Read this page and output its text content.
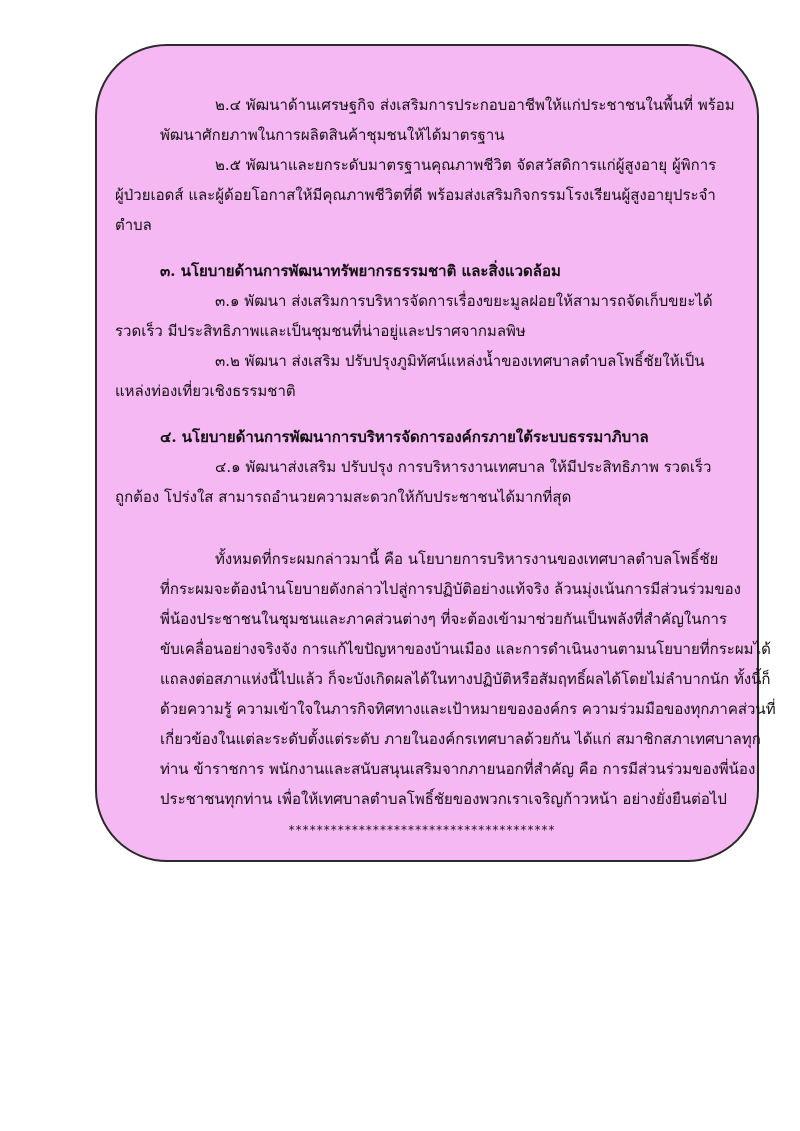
๒.๔ พัฒนาด้านเศรษฐกิจ ส่งเสริมการประกอบอาชีพให้แก่ประชาชนในพื้นที่ พร้อม
พัฒนาศักยภาพในการผลิตสินค้าชุมชนให้ได้มาตรฐาน
๒.๕ พัฒนาและยกระดับมาตรฐานคุณภาพชีวิต จัดสวัสดิการแก่ผู้สูงอายุ ผู้พิการ
ผู้ป่วยเอดส์ และผู้ด้อยโอกาสให้มีคุณภาพชีวิตที่ดี พร้อมส่งเสริมกิจกรรมโรงเรียนผู้สูงอายุประจำ
ตำบล
๓. นโยบายด้านการพัฒนาทรัพยากรธรรมชาติ และสิ่งแวดล้อม
๓.๑ พัฒนา ส่งเสริมการบริหารจัดการเรื่องขยะมูลฝอยให้สามารถจัดเก็บขยะได้
รวดเร็ว มีประสิทธิภาพและเป็นชุมชนที่น่าอยู่และปราศจากมลพิษ
๓.๒ พัฒนา ส่งเสริม ปรับปรุงภูมิทัศน์แหล่งน้ำของเทศบาลตำบลโพธิ์ชัยให้เป็น
แหล่งท่องเที่ยวเชิงธรรมชาติ
๔. นโยบายด้านการพัฒนาการบริหารจัดการองค์กรภายใต้ระบบธรรมาภิบาล
๔.๑ พัฒนาส่งเสริม ปรับปรุง การบริหารงานเทศบาล ให้มีประสิทธิภาพ รวดเร็ว
ถูกต้อง โปร่งใส สามารถอำนวยความสะดวกให้กับประชาชนได้มากที่สุด
ทั้งหมดที่กระผมกล่าวมานี้ คือ นโยบายการบริหารงานของเทศบาลตำบลโพธิ์ชัย
ที่กระผมจะต้องนำนโยบายดังกล่าวไปสู่การปฏิบัติอย่างแท้จริง ล้วนมุ่งเน้นการมีส่วนร่วมของ
พี่น้องประชาชนในชุมชนและภาคส่วนต่างๆ ที่จะต้องเข้ามาช่วยกันเป็นพลังที่สำคัญในการ
ขับเคลื่อนอย่างจริงจัง การแก้ไขปัญหาของบ้านเมือง และการดำเนินงานตามนโยบายที่กระผมได้
แถลงต่อสภาแห่งนี้ไปแล้ว ก็จะบังเกิดผลได้ในทางปฏิบัติหรือสัมฤทธิ์ผลได้โดยไม่ลำบากนัก ทั้งนี้ก็
ด้วยความรู้ ความเข้าใจในภารกิจทิศทางและเป้าหมายขององค์กร ความร่วมมือของทุกภาคส่วนที่
เกี่ยวข้องในแต่ละระดับตั้งแต่ระดับ ภายในองค์กรเทศบาลด้วยกัน ได้แก่ สมาชิกสภาเทศบาลทุก
ท่าน ข้าราชการ พนักงานและสนับสนุนเสริมจากภายนอกที่สำคัญ คือ การมีส่วนร่วมของพี่น้อง
ประชาชนทุกท่าน เพื่อให้เทศบาลตำบลโพธิ์ชัยของพวกเราเจริญก้าวหน้า อย่างยั่งยืนต่อไป
**************************************
